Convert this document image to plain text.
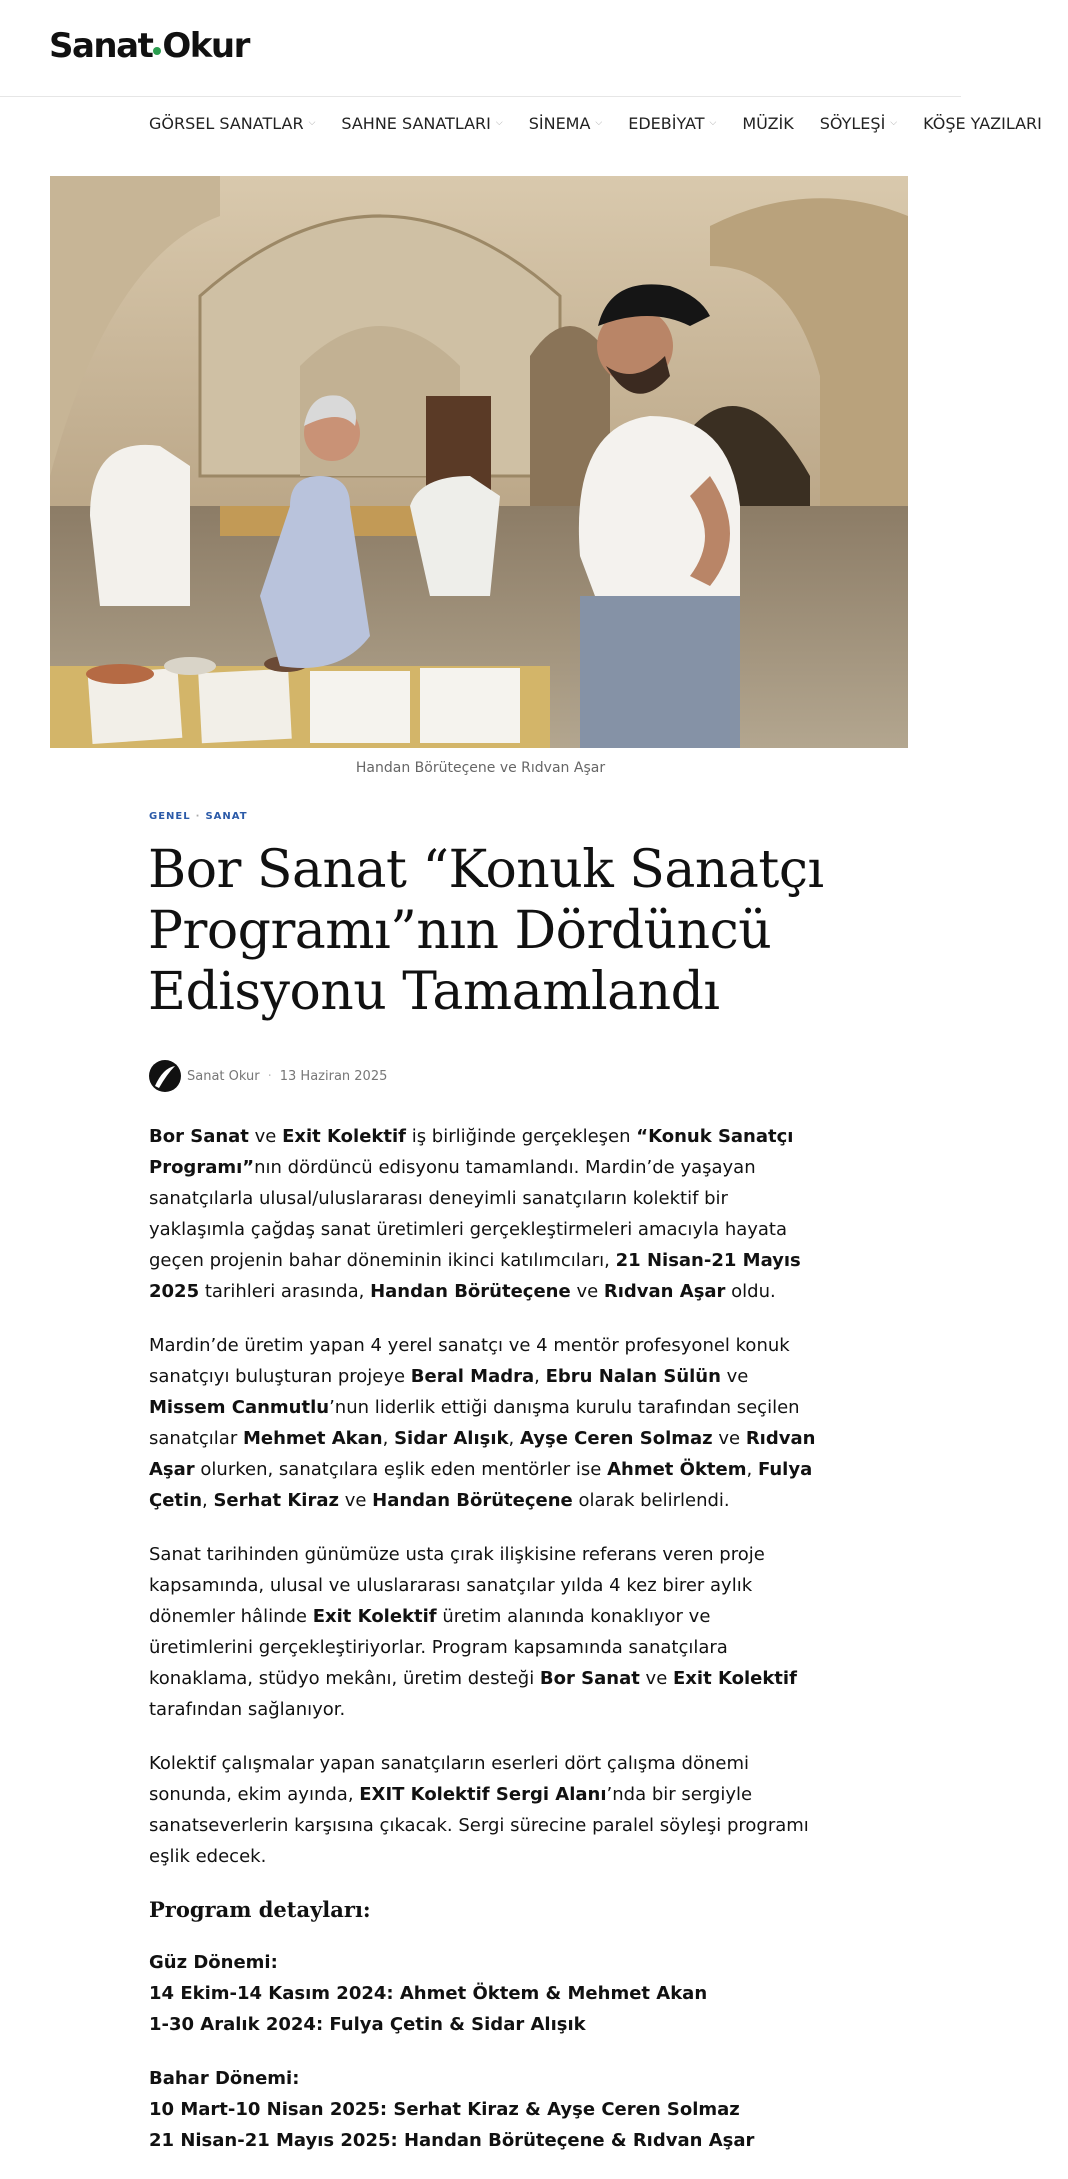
Sanat Okur
GÖRSEL SANATLAR ⌵ SAHNE SANATLARI ⌵ SİNEMA ⌵ EDEBİYAT ⌵ MÜZİK SÖYLEŞİ ⌵ KÖŞE YAZILARI
Handan Börüteçene ve Rıdvan Aşar
GENEL · SANAT
Bor Sanat “Konuk Sanatçı Programı”nın Dördüncü Edisyonu Tamamlandı
Sanat Okur · 13 Haziran 2025

Bor Sanat ve Exit Kolektif iş birliğinde gerçekleşen “Konuk Sanatçı Programı”nın dördüncü edisyonu tamamlandı. Mardin’de yaşayan sanatçılarla ulusal/uluslararası deneyimli sanatçıların kolektif bir yaklaşımla çağdaş sanat üretimleri gerçekleştirmeleri amacıyla hayata geçen projenin bahar döneminin ikinci katılımcıları, 21 Nisan-21 Mayıs 2025 tarihleri arasında, Handan Börüteçene ve Rıdvan Aşar oldu.

Mardin’de üretim yapan 4 yerel sanatçı ve 4 mentör profesyonel konuk sanatçıyı buluşturan projeye Beral Madra, Ebru Nalan Sülün ve Missem Canmutlu’nun liderlik ettiği danışma kurulu tarafından seçilen sanatçılar Mehmet Akan, Sidar Alışık, Ayşe Ceren Solmaz ve Rıdvan Aşar olurken, sanatçılara eşlik eden mentörler ise Ahmet Öktem, Fulya Çetin, Serhat Kiraz ve Handan Börüteçene olarak belirlendi.

Sanat tarihinden günümüze usta çırak ilişkisine referans veren proje kapsamında, ulusal ve uluslararası sanatçılar yılda 4 kez birer aylık dönemler hâlinde Exit Kolektif üretim alanında konaklıyor ve üretimlerini gerçekleştiriyorlar. Program kapsamında sanatçılara konaklama, stüdyo mekânı, üretim desteği Bor Sanat ve Exit Kolektif tarafından sağlanıyor.

Kolektif çalışmalar yapan sanatçıların eserleri dört çalışma dönemi sonunda, ekim ayında, EXIT Kolektif Sergi Alanı’nda bir sergiyle sanatseverlerin karşısına çıkacak. Sergi sürecine paralel söyleşi programı eşlik edecek.

Program detayları:
Güz Dönemi:
14 Ekim-14 Kasım 2024: Ahmet Öktem & Mehmet Akan
1-30 Aralık 2024: Fulya Çetin & Sidar Alışık
Bahar Dönemi:
10 Mart-10 Nisan 2025: Serhat Kiraz & Ayşe Ceren Solmaz
21 Nisan-21 Mayıs 2025: Handan Börüteçene & Rıdvan Aşar
